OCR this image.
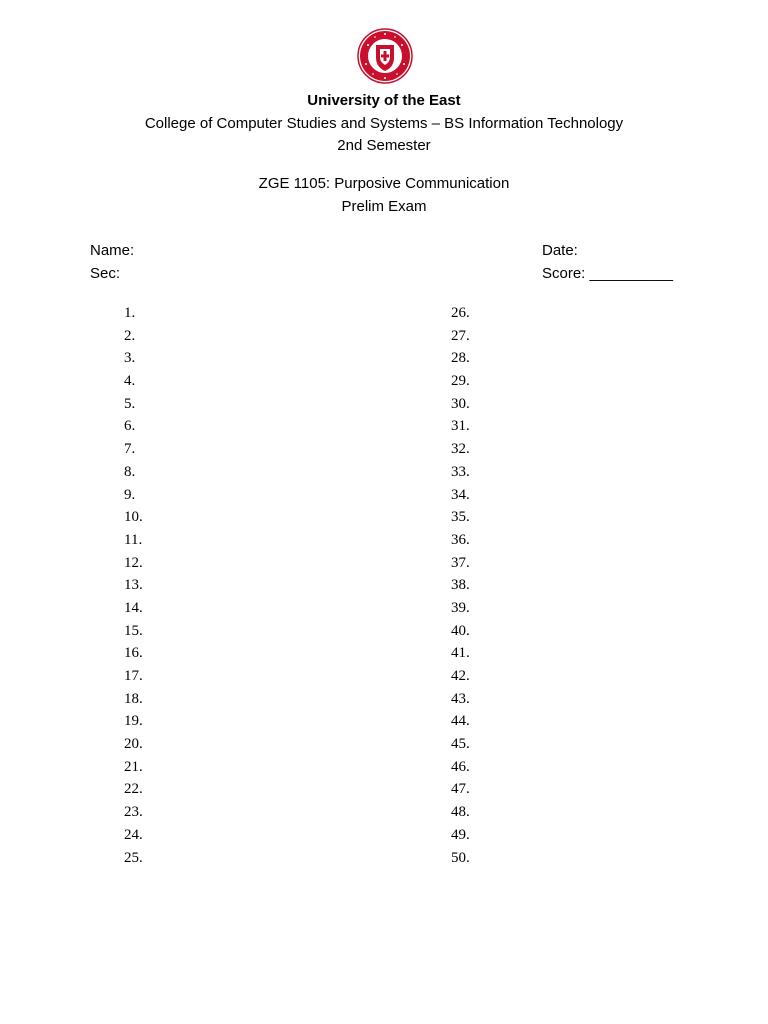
University of the East
College of Computer Studies and Systems – BS Information Technology
2nd Semester
ZGE 1105: Purposive Communication
Prelim Exam
Name:	Date:
Sec:	Score: __________
1.
2.
3.
4.
5.
6.
7.
8.
9.
10.
11.
12.
13.
14.
15.
16.
17.
18.
19.
20.
21.
22.
23.
24.
25.
26.
27.
28.
29.
30.
31.
32.
33.
34.
35.
36.
37.
38.
39.
40.
41.
42.
43.
44.
45.
46.
47.
48.
49.
50.
